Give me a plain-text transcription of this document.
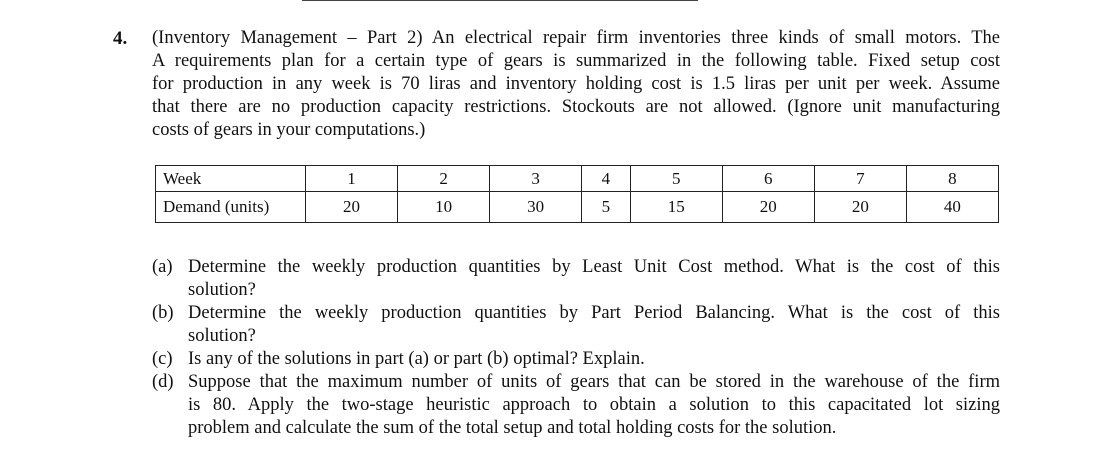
4. (Inventory Management – Part 2) An electrical repair firm inventories three kinds of small motors. The
A requirements plan for a certain type of gears is summarized in the following table. Fixed setup cost
for production in any week is 70 liras and inventory holding cost is 1.5 liras per unit per week. Assume
that there are no production capacity restrictions. Stockouts are not allowed. (Ignore unit manufacturing
costs of gears in your computations.)
Week	1	2	3	4	5	6	7	8
Demand (units)	20	10	30	5	15	20	20	40
(a) Determine the weekly production quantities by Least Unit Cost method. What is the cost of this
solution?
(b) Determine the weekly production quantities by Part Period Balancing. What is the cost of this
solution?
(c) Is any of the solutions in part (a) or part (b) optimal? Explain.
(d) Suppose that the maximum number of units of gears that can be stored in the warehouse of the firm
is 80. Apply the two-stage heuristic approach to obtain a solution to this capacitated lot sizing
problem and calculate the sum of the total setup and total holding costs for the solution.
